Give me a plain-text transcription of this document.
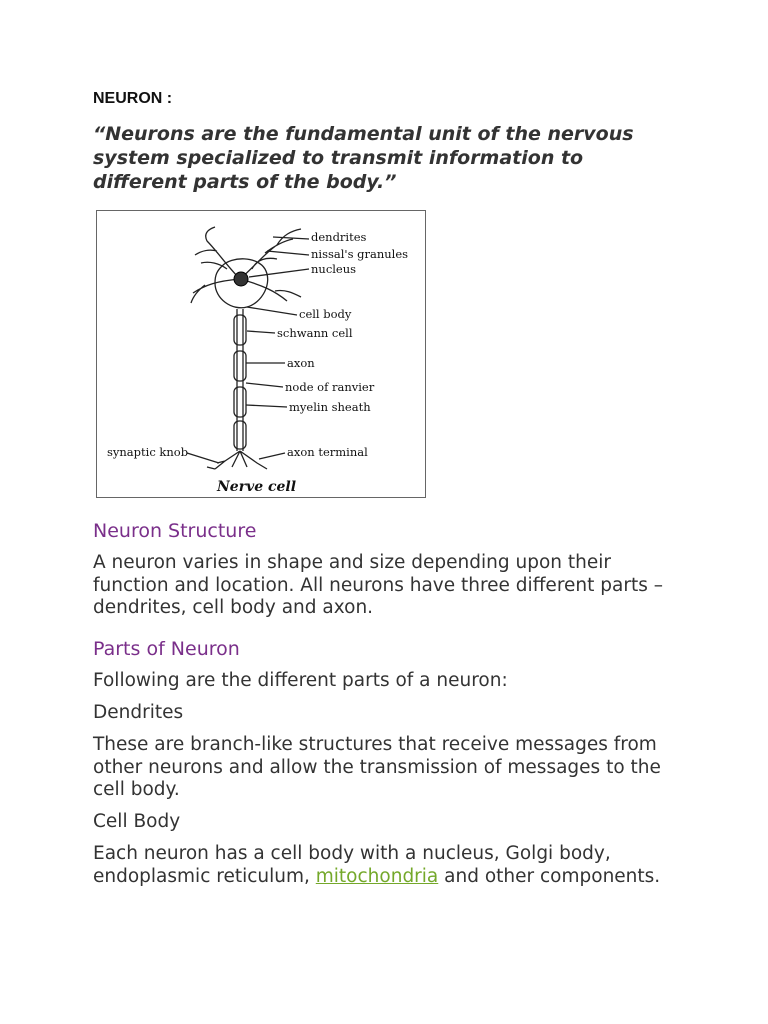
NEURON :
“Neurons are the fundamental unit of the nervous system specialized to transmit information to different parts of the body.”
dendrites
nissal's granules
nucleus
cell body
schwann cell
axon
node of ranvier
myelin sheath
axon terminal
synaptic knob
Nerve cell
Neuron Structure
A neuron varies in shape and size depending upon their function and location. All neurons have three different parts – dendrites, cell body and axon.
Parts of Neuron
Following are the different parts of a neuron:
Dendrites
These are branch-like structures that receive messages from other neurons and allow the transmission of messages to the cell body.
Cell Body
Each neuron has a cell body with a nucleus, Golgi body, endoplasmic reticulum, mitochondria and other components.
